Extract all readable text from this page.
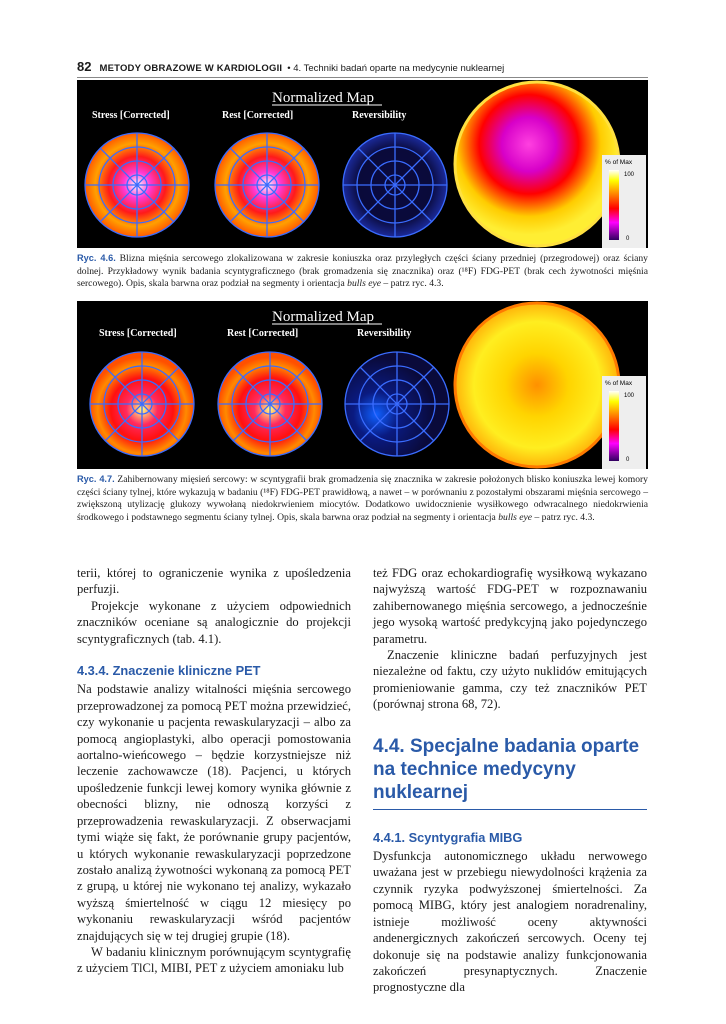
82 METODY OBRAZOWE W KARDIOLOGII • 4. Techniki badań oparte na medycynie nuklearnej
Normalized Map
Stress [Corrected]	Rest [Corrected]	Reversibility
% of Max
100
0
Ryc. 4.6. Blizna mięśnia sercowego zlokalizowana w zakresie koniuszka oraz przyległych części ściany przedniej (przegrodowej) oraz ściany dolnej. Przykładowy wynik badania scyntygraficznego (brak gromadzenia się znacznika) oraz (¹⁸F) FDG-PET (brak cech żywotności mięśnia sercowego). Opis, skala barwna oraz podział na segmenty i orientacja bulls eye – patrz ryc. 4.3.
Normalized Map
Stress [Corrected]	Rest [Corrected]	Reversibility
% of Max
100
0
Ryc. 4.7. Zahibernowany mięsień sercowy: w scyntygrafii brak gromadzenia się znacznika w zakresie położonych blisko koniuszka lewej komory części ściany tylnej, które wykazują w badaniu (¹⁸F) FDG-PET prawidłową, a nawet – w porównaniu z pozostałymi obszarami mięśnia sercowego – zwiększoną utylizację glukozy wywołaną niedokrwieniem miocytów. Dodatkowo uwidocznienie wysiłkowego odwracalnego niedokrwienia środkowego i podstawnego segmentu ściany tylnej. Opis, skala barwna oraz podział na segmenty i orientacja bulls eye – patrz ryc. 4.3.

terii, której to ograniczenie wynika z upośledzenia perfuzji.

Projekcje wykonane z użyciem odpowiednich znaczników oceniane są analogicznie do projekcji scyntygraficznych (tab. 4.1).

4.3.4. Znaczenie kliniczne PET

Na podstawie analizy witalności mięśnia sercowego przeprowadzonej za pomocą PET można przewidzieć, czy wykonanie u pacjenta rewaskularyzacji – albo za pomocą angioplastyki, albo operacji pomostowania aortalno-wieńcowego – będzie korzystniejsze niż leczenie zachowawcze (18). Pacjenci, u których upośledzenie funkcji lewej komory wynika głównie z obecności blizny, nie odnoszą korzyści z przeprowadzenia rewaskularyzacji. Z obserwacjami tymi wiąże się fakt, że porównanie grupy pacjentów, u których wykonanie rewaskularyzacji poprzedzone zostało analizą żywotności wykonaną za pomocą PET z grupą, u której nie wykonano tej analizy, wykazało wyższą śmiertelność w ciągu 12 miesięcy po wykonaniu rewaskularyzacji wśród pacjentów znajdujących się w tej drugiej grupie (18).

W badaniu klinicznym porównującym scyntygrafię z użyciem TlCl, MIBI, PET z użyciem amoniaku lub

też FDG oraz echokardiografię wysiłkową wykazano najwyższą wartość FDG-PET w rozpoznawaniu zahibernowanego mięśnia sercowego, a jednocześnie jego wysoką wartość predykcyjną jako pojedynczego parametru.

Znaczenie kliniczne badań perfuzyjnych jest niezależne od faktu, czy użyto nuklidów emitujących promieniowanie gamma, czy też znaczników PET (porównaj strona 68, 72).

4.4. Specjalne badania oparte na technice medycyny nuklearnej
4.4.1. Scyntygrafia MIBG

Dysfunkcja autonomicznego układu nerwowego uważana jest w przebiegu niewydolności krążenia za czynnik ryzyka podwyższonej śmiertelności. Za pomocą MIBG, który jest analogiem noradrenaliny, istnieje możliwość oceny aktywności andenergicznych zakończeń sercowych. Oceny tej dokonuje się na podstawie analizy funkcjonowania zakończeń presynaptycznych. Znaczenie prognostyczne dla
